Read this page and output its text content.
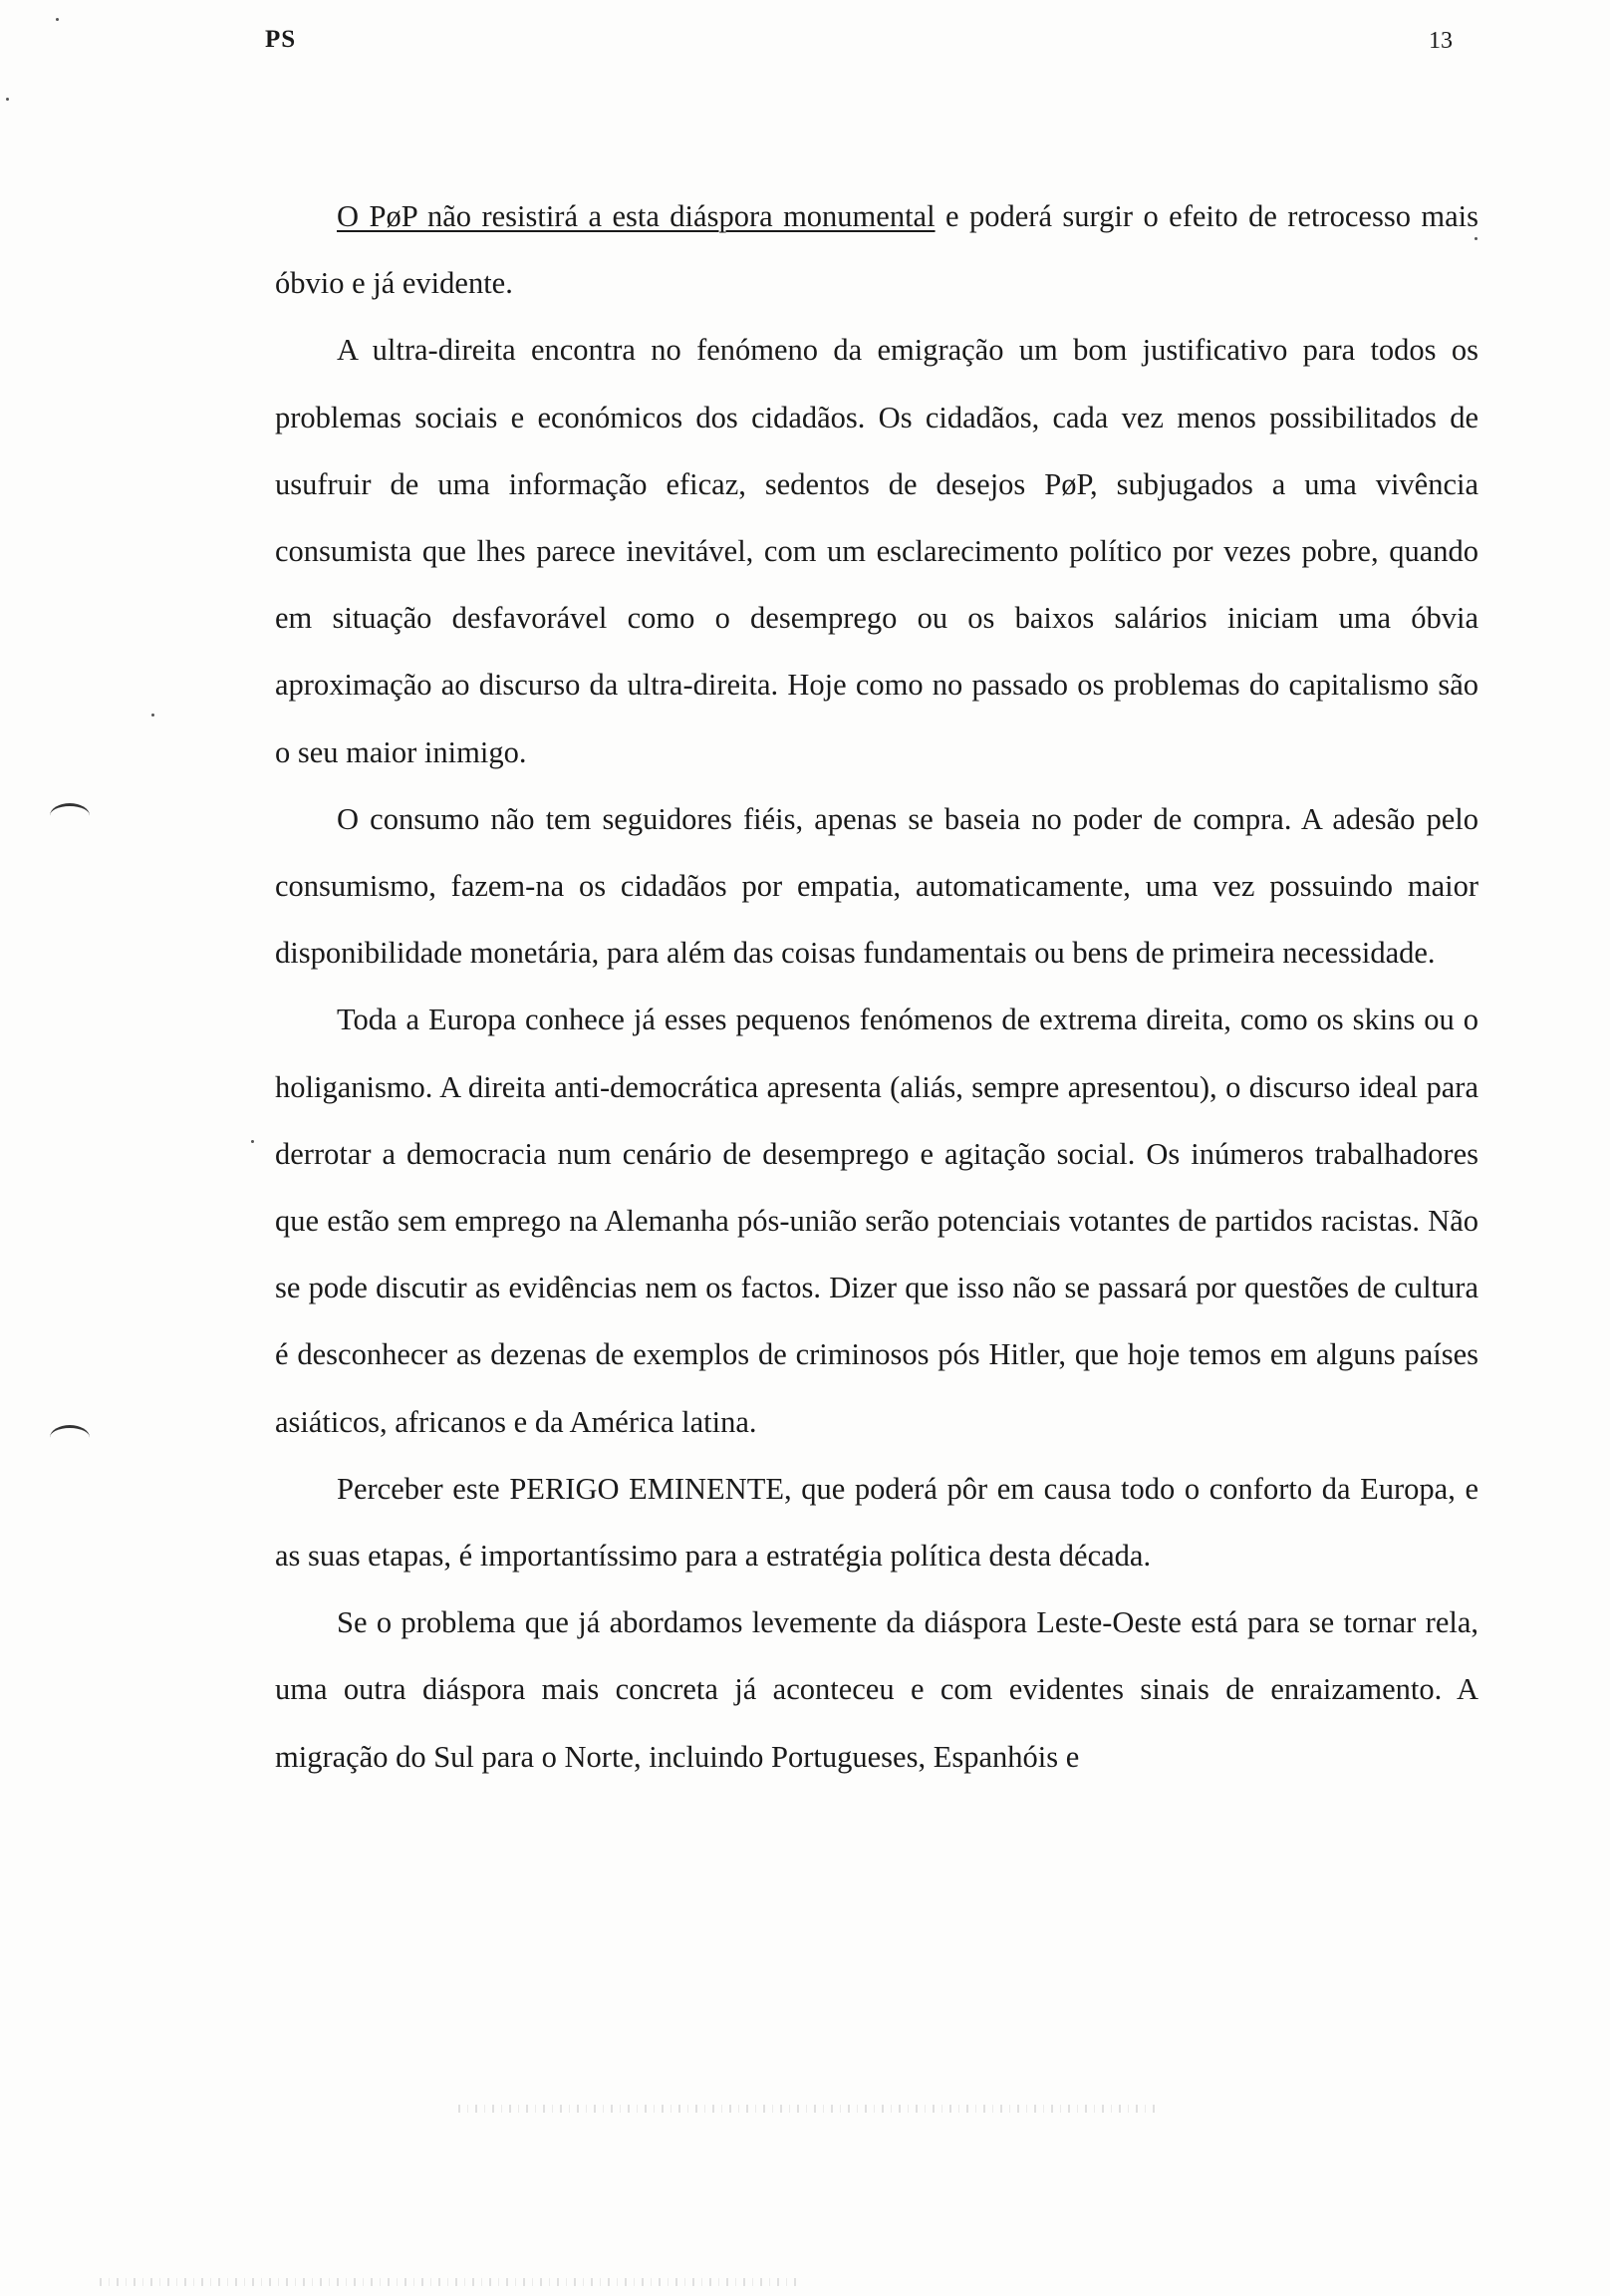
PS	13

O PøP não resistirá a esta diáspora monumental e poderá surgir o efeito de retrocesso mais óbvio e já evidente.

A ultra-direita encontra no fenómeno da emigração um bom justificativo para todos os problemas sociais e económicos dos cidadãos. Os cidadãos, cada vez menos possibilitados de usufruir de uma informação eficaz, sedentos de desejos PøP, subjugados a uma vivência consumista que lhes parece inevitável, com um esclarecimento político por vezes pobre, quando em situação desfavorável como o desemprego ou os baixos salários iniciam uma óbvia aproximação ao discurso da ultra-direita. Hoje como no passado os problemas do capitalismo são o seu maior inimigo.

O consumo não tem seguidores fiéis, apenas se baseia no poder de compra. A adesão pelo consumismo, fazem-na os cidadãos por empatia, automaticamente, uma vez possuindo maior disponibilidade monetária, para além das coisas fundamentais ou bens de primeira necessidade.

Toda a Europa conhece já esses pequenos fenómenos de extrema direita, como os skins ou o holiganismo. A direita anti-democrática apresenta (aliás, sempre apresentou), o discurso ideal para derrotar a democracia num cenário de desemprego e agitação social. Os inúmeros trabalhadores que estão sem emprego na Alemanha pós-união serão potenciais votantes de partidos racistas. Não se pode discutir as evidências nem os factos. Dizer que isso não se passará por questões de cultura é desconhecer as dezenas de exemplos de criminosos pós Hitler, que hoje temos em alguns países asiáticos, africanos e da América latina.

Perceber este PERIGO EMINENTE, que poderá pôr em causa todo o conforto da Europa, e as suas etapas, é importantíssimo para a estratégia política desta década.

Se o problema que já abordamos levemente da diáspora Leste-Oeste está para se tornar rela, uma outra diáspora mais concreta já aconteceu e com evidentes sinais de enraizamento. A migração do Sul para o Norte, incluindo Portugueses, Espanhóis e
